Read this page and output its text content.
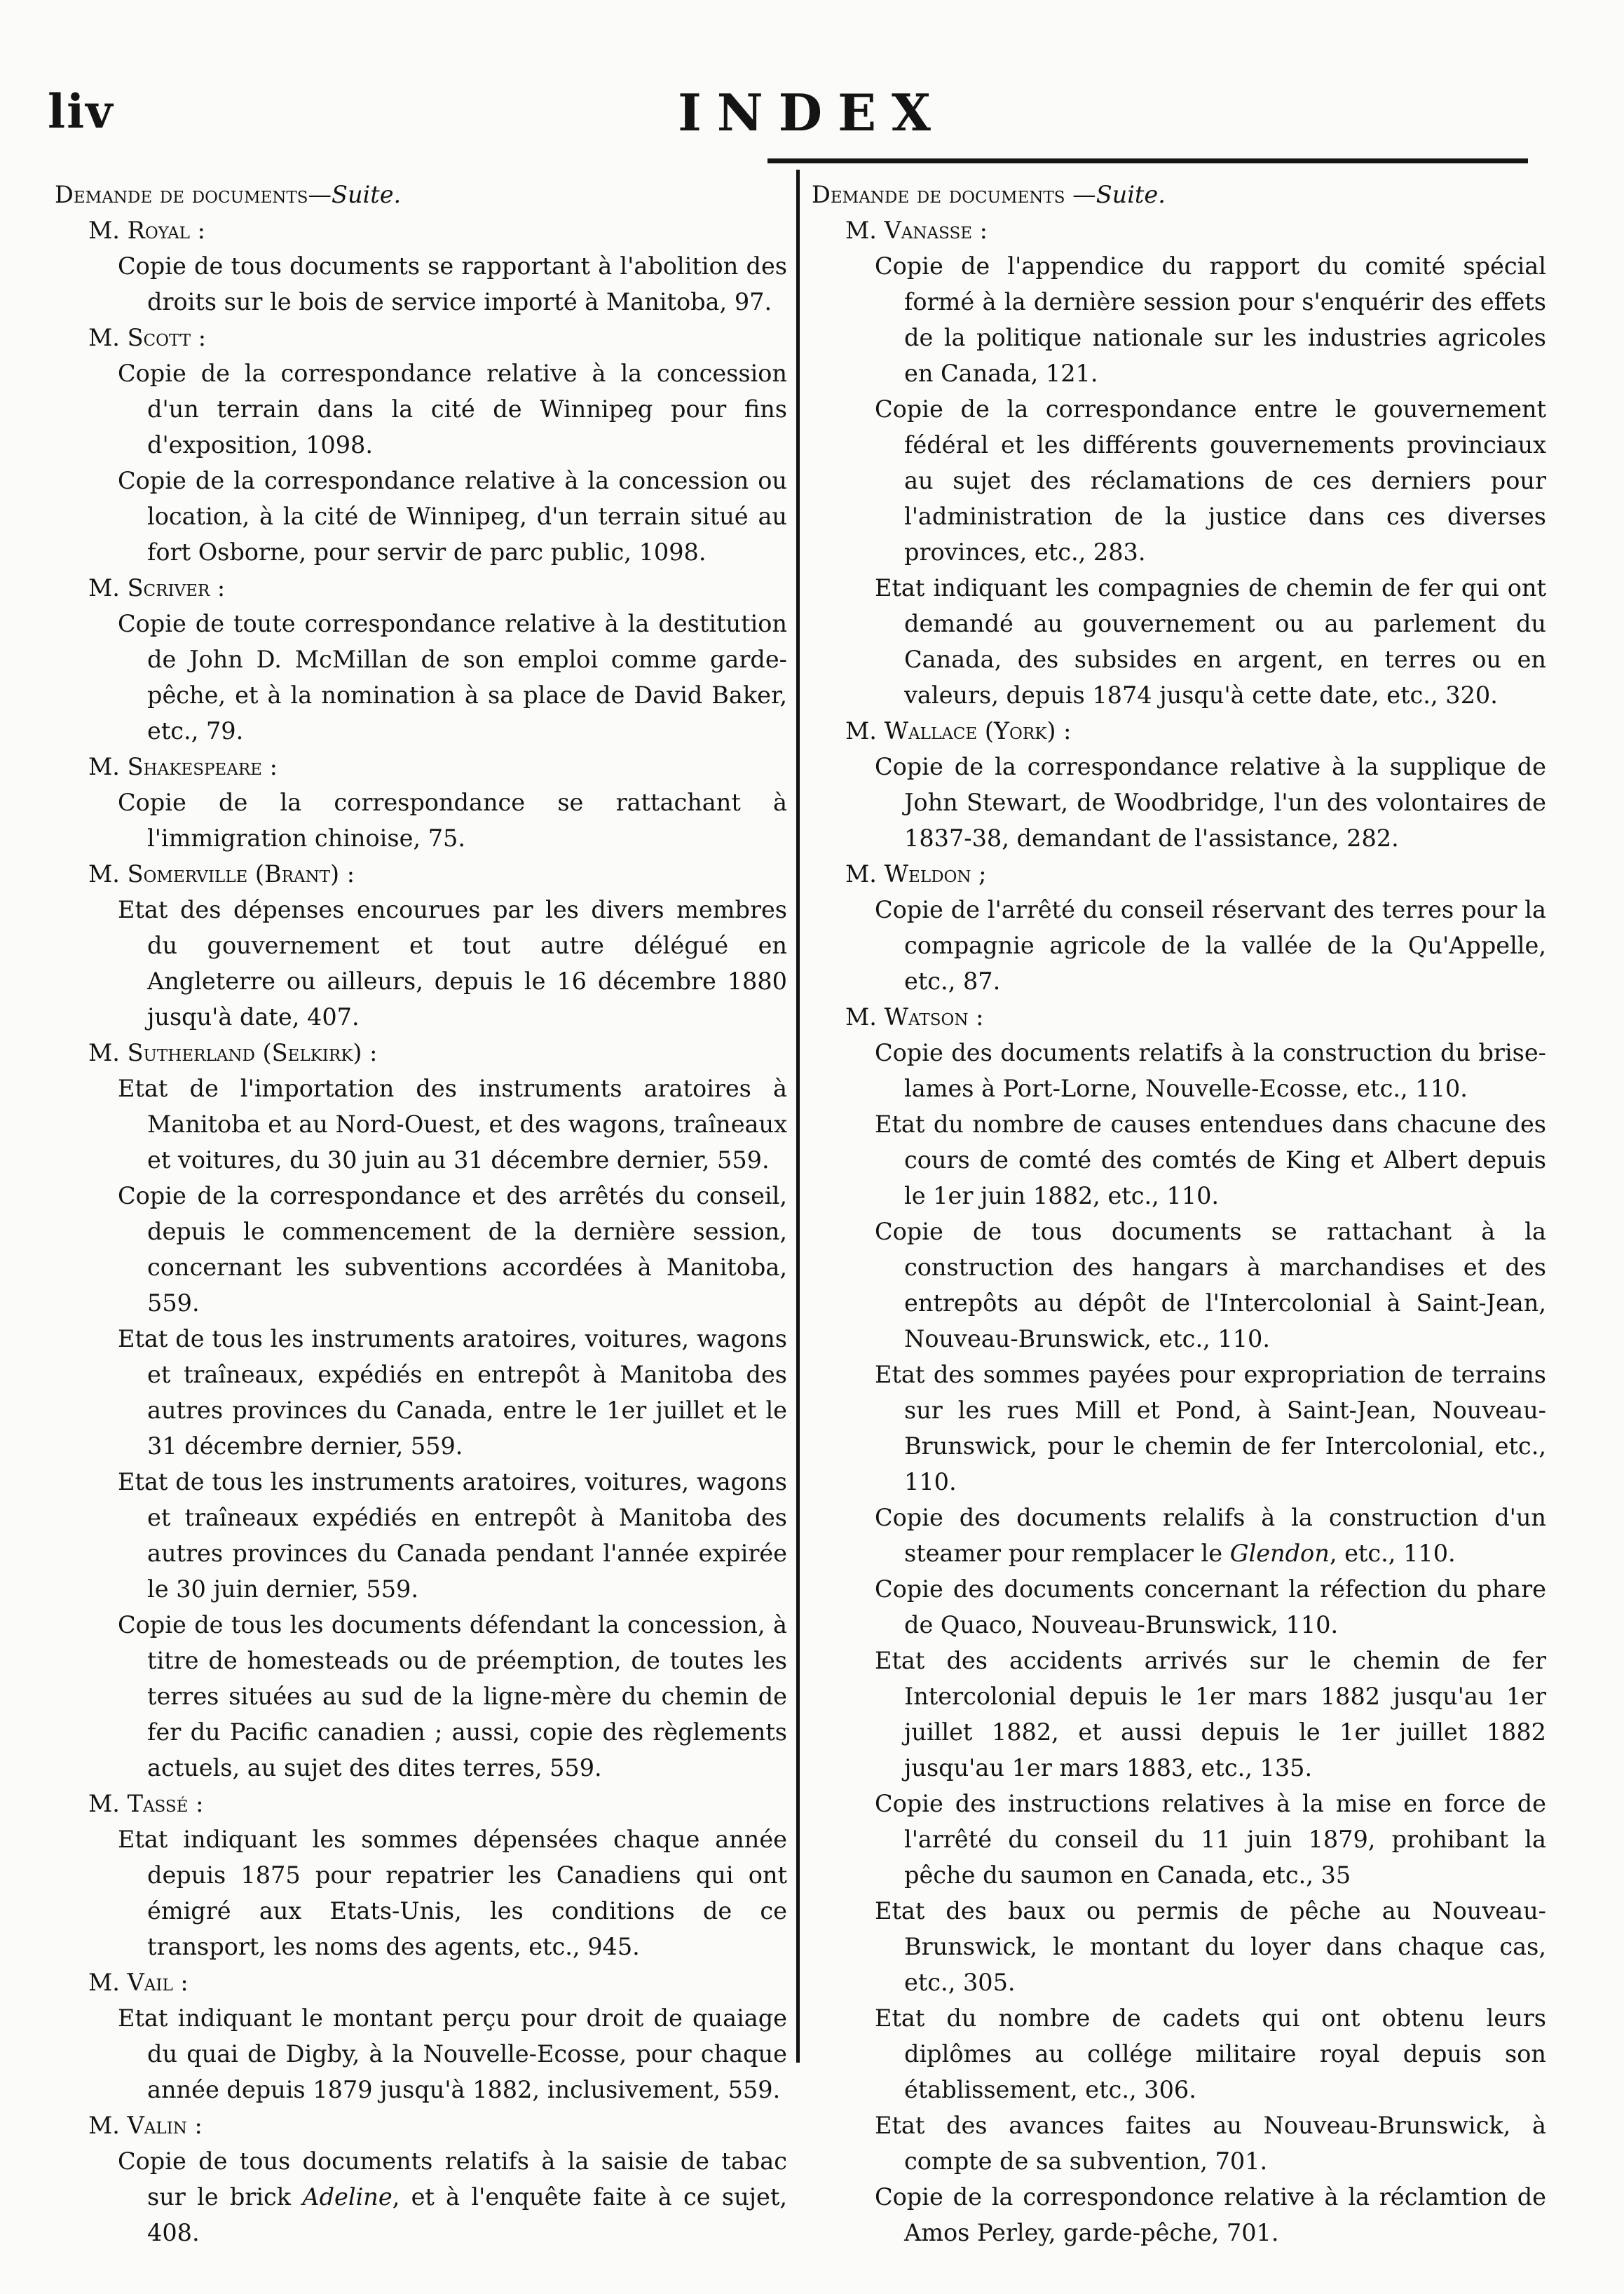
liv	INDEX

Demande de documents—Suite.

M. Royal :

Copie de tous documents se rapportant à l'abolition des droits sur le bois de service importé à Manitoba, 97.

M. Scott :

Copie de la correspondance relative à la concession d'un terrain dans la cité de Winnipeg pour fins d'exposition, 1098.

Copie de la correspondance relative à la concession ou location, à la cité de Winnipeg, d'un terrain situé au fort Osborne, pour servir de parc public, 1098.

M. Scriver :

Copie de toute correspondance relative à la destitution de John D. McMillan de son emploi comme garde-pêche, et à la nomination à sa place de David Baker, etc., 79.

M. Shakespeare :

Copie de la correspondance se rattachant à l'immigration chinoise, 75.

M. Somerville (Brant) :

Etat des dépenses encourues par les divers membres du gouvernement et tout autre délégué en Angleterre ou ailleurs, depuis le 16 décembre 1880 jusqu'à date, 407.

M. Sutherland (Selkirk) :

Etat de l'importation des instruments aratoires à Manitoba et au Nord-Ouest, et des wagons, traîneaux et voitures, du 30 juin au 31 décembre dernier, 559.

Copie de la correspondance et des arrêtés du conseil, depuis le commencement de la dernière session, concernant les subventions accordées à Manitoba, 559.

Etat de tous les instruments aratoires, voitures, wagons et traîneaux, expédiés en entrepôt à Manitoba des autres provinces du Canada, entre le 1er juillet et le 31 décembre dernier, 559.

Etat de tous les instruments aratoires, voitures, wagons et traîneaux expédiés en entrepôt à Manitoba des autres provinces du Canada pendant l'année expirée le 30 juin dernier, 559.

Copie de tous les documents défendant la concession, à titre de homesteads ou de préemption, de toutes les terres situées au sud de la ligne-mère du chemin de fer du Pacific canadien ; aussi, copie des règlements actuels, au sujet des dites terres, 559.

M. Tassé :

Etat indiquant les sommes dépensées chaque année depuis 1875 pour repatrier les Canadiens qui ont émigré aux Etats-Unis, les conditions de ce transport, les noms des agents, etc., 945.

M. Vail :

Etat indiquant le montant perçu pour droit de quaiage du quai de Digby, à la Nouvelle-Ecosse, pour chaque année depuis 1879 jusqu'à 1882, inclusivement, 559.

M. Valin :

Copie de tous documents relatifs à la saisie de tabac sur le brick Adeline, et à l'enquête faite à ce sujet, 408.

Demande de documents —Suite.

M. Vanasse :

Copie de l'appendice du rapport du comité spécial formé à la dernière session pour s'enquérir des effets de la politique nationale sur les industries agricoles en Canada, 121.

Copie de la correspondance entre le gouvernement fédéral et les différents gouvernements provinciaux au sujet des réclamations de ces derniers pour l'administration de la justice dans ces diverses provinces, etc., 283.

Etat indiquant les compagnies de chemin de fer qui ont demandé au gouvernement ou au parlement du Canada, des subsides en argent, en terres ou en valeurs, depuis 1874 jusqu'à cette date, etc., 320.

M. Wallace (York) :

Copie de la correspondance relative à la supplique de John Stewart, de Woodbridge, l'un des volontaires de 1837-38, demandant de l'assistance, 282.

M. Weldon ;

Copie de l'arrêté du conseil réservant des terres pour la compagnie agricole de la vallée de la Qu'Appelle, etc., 87.

M. Watson :

Copie des documents relatifs à la construction du brise-lames à Port-Lorne, Nouvelle-Ecosse, etc., 110.

Etat du nombre de causes entendues dans chacune des cours de comté des comtés de King et Albert depuis le 1er juin 1882, etc., 110.

Copie de tous documents se rattachant à la construction des hangars à marchandises et des entrepôts au dépôt de l'Intercolonial à Saint-Jean, Nouveau-Brunswick, etc., 110.

Etat des sommes payées pour expropriation de terrains sur les rues Mill et Pond, à Saint-Jean, Nouveau-Brunswick, pour le chemin de fer Intercolonial, etc., 110.

Copie des documents relalifs à la construction d'un steamer pour remplacer le Glendon, etc., 110.

Copie des documents concernant la réfection du phare de Quaco, Nouveau-Brunswick, 110.

Etat des accidents arrivés sur le chemin de fer Intercolonial depuis le 1er mars 1882 jusqu'au 1er juillet 1882, et aussi depuis le 1er juillet 1882 jusqu'au 1er mars 1883, etc., 135.

Copie des instructions relatives à la mise en force de l'arrêté du conseil du 11 juin 1879, prohibant la pêche du saumon en Canada, etc., 35

Etat des baux ou permis de pêche au Nouveau-Brunswick, le montant du loyer dans chaque cas, etc., 305.

Etat du nombre de cadets qui ont obtenu leurs diplômes au collége militaire royal depuis son établissement, etc., 306.

Etat des avances faites au Nouveau-Brunswick, à compte de sa subvention, 701.

Copie de la correspondonce relative à la réclamtion de Amos Perley, garde-pêche, 701.
